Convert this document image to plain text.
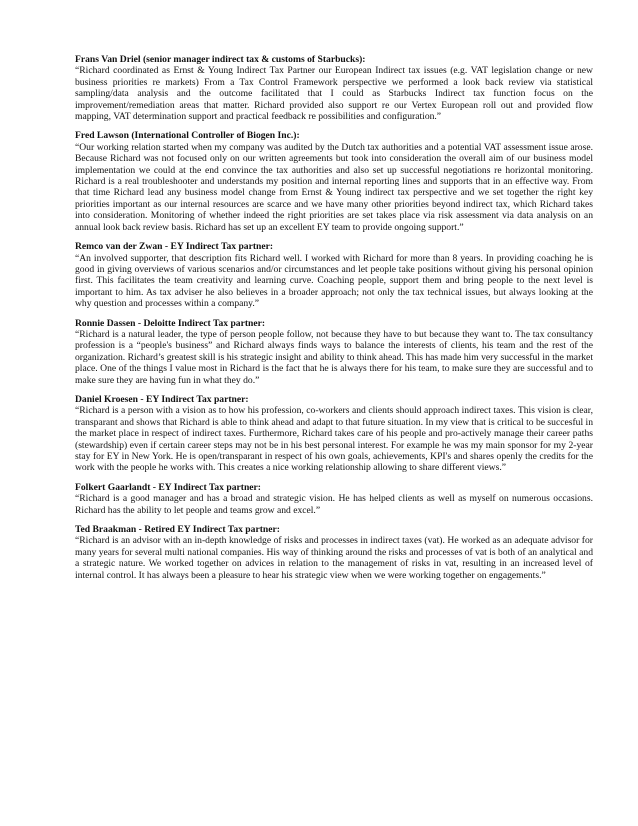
Frans Van Driel (senior manager indirect tax & customs of Starbucks):

“Richard coordinated as Ernst & Young Indirect Tax Partner our European Indirect tax issues (e.g. VAT legislation change or new business priorities re markets) From a Tax Control Framework perspective we performed a look back review via statistical sampling/data analysis and the outcome facilitated that I could as Starbucks Indirect tax function focus on the improvement/remediation areas that matter. Richard provided also support re our Vertex European roll out and provided flow mapping, VAT determination support and practical feedback re possibilities and configuration.”

Fred Lawson (International Controller of Biogen Inc.):

“Our working relation started when my company was audited by the Dutch tax authorities and a potential VAT assessment issue arose. Because Richard was not focused only on our written agreements but took into consideration the overall aim of our business model implementation we could at the end convince the tax authorities and also set up successful negotiations re horizontal monitoring. Richard is a real troubleshooter and understands my position and internal reporting lines and supports that in an effective way. From that time Richard lead any business model change from Ernst & Young indirect tax perspective and we set together the right key priorities important as our internal resources are scarce and we have many other priorities beyond indirect tax, which Richard takes into consideration. Monitoring of whether indeed the right priorities are set takes place via risk assessment via data analysis on an annual look back review basis. Richard has set up an excellent EY team to provide ongoing support.”

Remco van der Zwan - EY Indirect Tax partner:

“An involved supporter, that description fits Richard well. I worked with Richard for more than 8 years. In providing coaching he is good in giving overviews of various scenarios and/or circumstances and let people take positions without giving his personal opinion first. This facilitates the team creativity and learning curve. Coaching people, support them and bring people to the next level is important to him. As tax adviser he also believes in a broader approach; not only the tax technical issues, but always looking at the why question and processes within a company.”

Ronnie Dassen - Deloitte Indirect Tax partner:

“Richard is a natural leader, the type of person people follow, not because they have to but because they want to. The tax consultancy profession is a “people's business” and Richard always finds ways to balance the interests of clients, his team and the rest of the organization. Richard’s greatest skill is his strategic insight and ability to think ahead. This has made him very successful in the market place. One of the things I value most in Richard is the fact that he is always there for his team, to make sure they are successful and to make sure they are having fun in what they do.”

Daniel Kroesen - EY Indirect Tax partner:

“Richard is a person with a vision as to how his profession, co-workers and clients should approach indirect taxes. This vision is clear, transparant and shows that Richard is able to think ahead and adapt to that future situation. In my view that is critical to be succesful in the market place in respect of indirect taxes. Furthermore, Richard takes care of his people and pro-actively manage their career paths (stewardship) even if certain career steps may not be in his best personal interest. For example he was my main sponsor for my 2-year stay for EY in New York. He is open/transparant in respect of his own goals, achievements, KPI's and shares openly the credits for the work with the people he works with. This creates a nice working relationship allowing to share different views.”

Folkert Gaarlandt - EY Indirect Tax partner:

“Richard is a good manager and has a broad and strategic vision. He has helped clients as well as myself on numerous occasions. Richard has the ability to let people and teams grow and excel.”

Ted Braakman - Retired EY Indirect Tax partner:

“Richard is an advisor with an in-depth knowledge of risks and processes in indirect taxes (vat). He worked as an adequate advisor for many years for several multi national companies. His way of thinking around the risks and processes of vat is both of an analytical and a strategic nature. We worked together on advices in relation to the management of risks in vat, resulting in an increased level of internal control. It has always been a pleasure to hear his strategic view when we were working together on engagements.”
